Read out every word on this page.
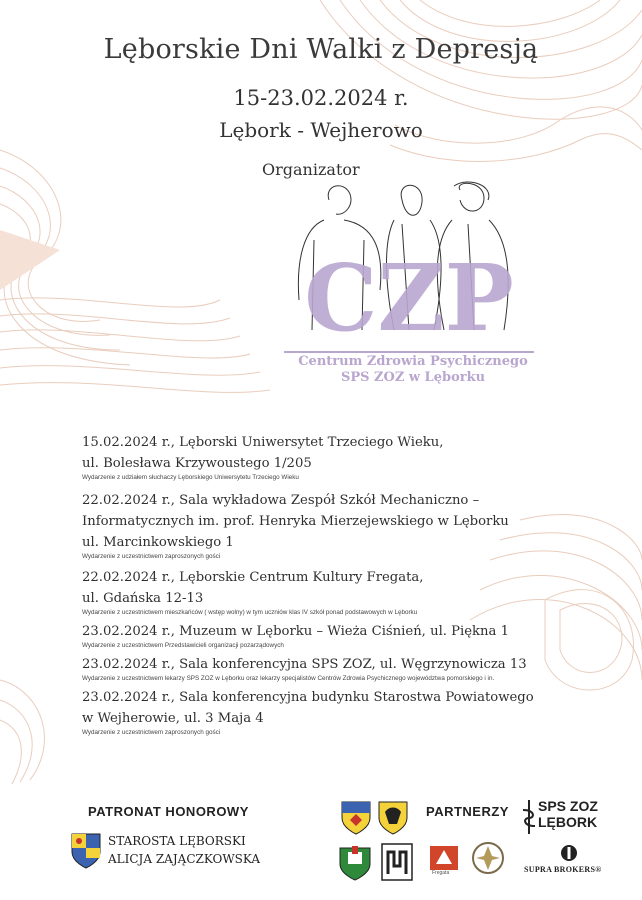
Lęborskie Dni Walki z Depresją
15-23.02.2024 r.
Lębork - Wejherowo
Organizator
CZP
Centrum Zdrowia Psychicznego
SPS ZOZ w Lęborku
15.02.2024 r., Lęborski Uniwersytet Trzeciego Wieku,
ul. Bolesława Krzywoustego 1/205
Wydarzenie z udziałem słuchaczy Lęborskiego Uniwersytetu Trzeciego Wieku
22.02.2024 r., Sala wykładowa Zespół Szkół Mechaniczno –
Informatycznych im. prof. Henryka Mierzejewskiego w Lęborku
ul. Marcinkowskiego 1
Wydarzenie z uczestnictwem zaproszonych gości
22.02.2024 r., Lęborskie Centrum Kultury Fregata,
ul. Gdańska 12-13
Wydarzenie z uczestnictwem mieszkańców ( wstęp wolny) w tym uczniów klas IV szkół ponad podstawowych w Lęborku
23.02.2024 r., Muzeum w Lęborku – Wieża Ciśnień, ul. Piękna 1
Wydarzenie z uczestnictwem Przedstawicieli organizacji pozarządowych
23.02.2024 r., Sala konferencyjna SPS ZOZ, ul. Węgrzynowicza 13
Wydarzenie z uczestnictwem lekarzy SPS ZOZ w Lęborku oraz lekarzy specjalistów Centrów Zdrowia Psychicznego województwa pomorskiego i in.
23.02.2024 r., Sala konferencyjna budynku Starostwa Powiatowego
w Wejherowie, ul. 3 Maja 4
Wydarzenie z uczestnictwem zaproszonych gości
PATRONAT HONOROWY
STAROSTA LĘBORSKI
ALICJA ZAJĄCZKOWSKA
PARTNERZY
Fregata
SPS ZOZ
LĘBORK
SUPRA BROKERS®
